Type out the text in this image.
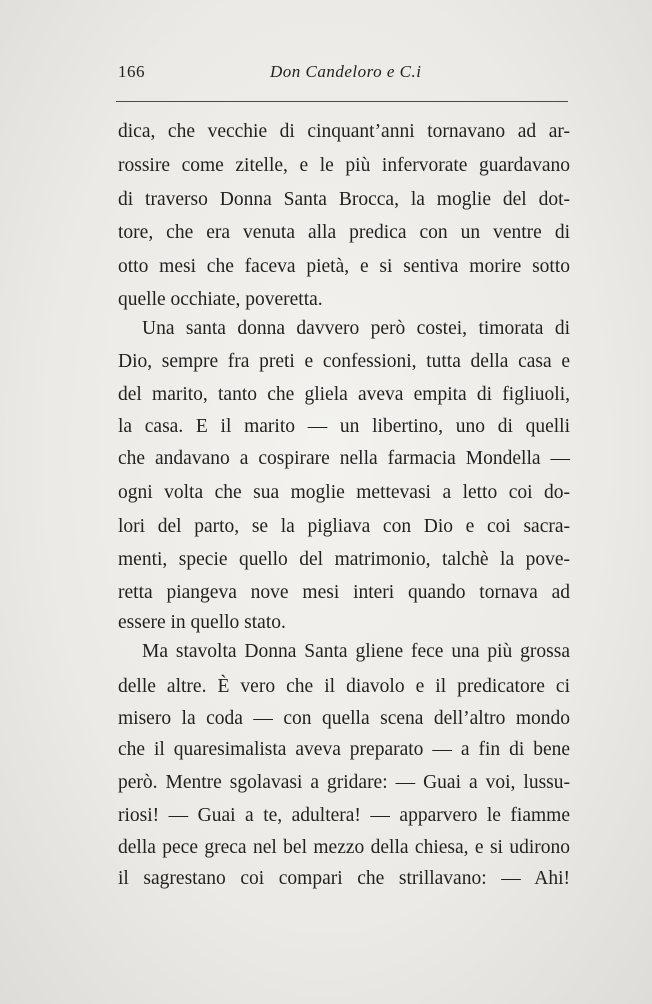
166	Don Candeloro e C.i
dica, che vecchie di cinquant’anni tornavano ad ar-
rossire come zitelle, e le più infervorate guardavano
di traverso Donna Santa Brocca, la moglie del dot-
tore, che era venuta alla predica con un ventre di
otto mesi che faceva pietà, e si sentiva morire sotto
quelle occhiate, poveretta.
Una santa donna davvero però costei, timorata di
Dio, sempre fra preti e confessioni, tutta della casa e
del marito, tanto che gliela aveva empita di figliuoli,
la casa. E il marito — un libertino, uno di quelli
che andavano a cospirare nella farmacia Mondella —
ogni volta che sua moglie mettevasi a letto coi do-
lori del parto, se la pigliava con Dio e coi sacra-
menti, specie quello del matrimonio, talchè la pove-
retta piangeva nove mesi interi quando tornava ad
essere in quello stato.
Ma stavolta Donna Santa gliene fece una più grossa
delle altre. È vero che il diavolo e il predicatore ci
misero la coda — con quella scena dell’altro mondo
che il quaresimalista aveva preparato — a fin di bene
però. Mentre sgolavasi a gridare: — Guai a voi, lussu-
riosi! — Guai a te, adultera! — apparvero le fiamme
della pece greca nel bel mezzo della chiesa, e si udirono
il sagrestano coi compari che strillavano: — Ahi!
